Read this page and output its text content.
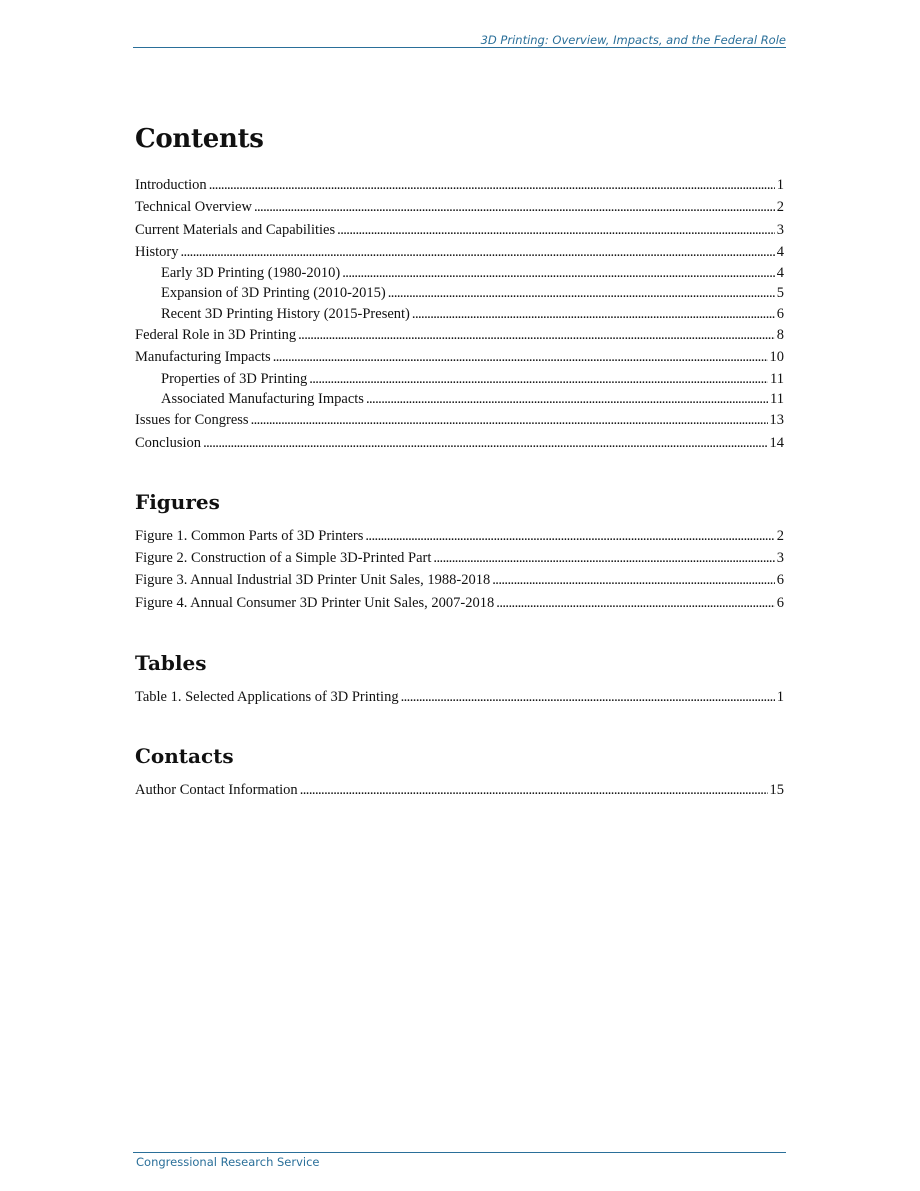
3D Printing: Overview, Impacts, and the Federal Role
Contents
Introduction . . .	1
Technical Overview . . .	2
Current Materials and Capabilities . . .	3
History . . .	4
Early 3D Printing (1980-2010) . . .	4
Expansion of 3D Printing (2010-2015) . . .	5
Recent 3D Printing History (2015-Present) . . .	6
Federal Role in 3D Printing . . .	8
Manufacturing Impacts . . .	10
Properties of 3D Printing . . .	11
Associated Manufacturing Impacts . . .	11
Issues for Congress . . .	13
Conclusion . . .	14
Figures
Figure 1. Common Parts of 3D Printers . . .	2
Figure 2. Construction of a Simple 3D-Printed Part . . .	3
Figure 3. Annual Industrial 3D Printer Unit Sales, 1988-2018 . . .	6
Figure 4. Annual Consumer 3D Printer Unit Sales, 2007-2018 . . .	6
Tables
Table 1. Selected Applications of 3D Printing . . .	1
Contacts
Author Contact Information . . .	15
Congressional Research Service
